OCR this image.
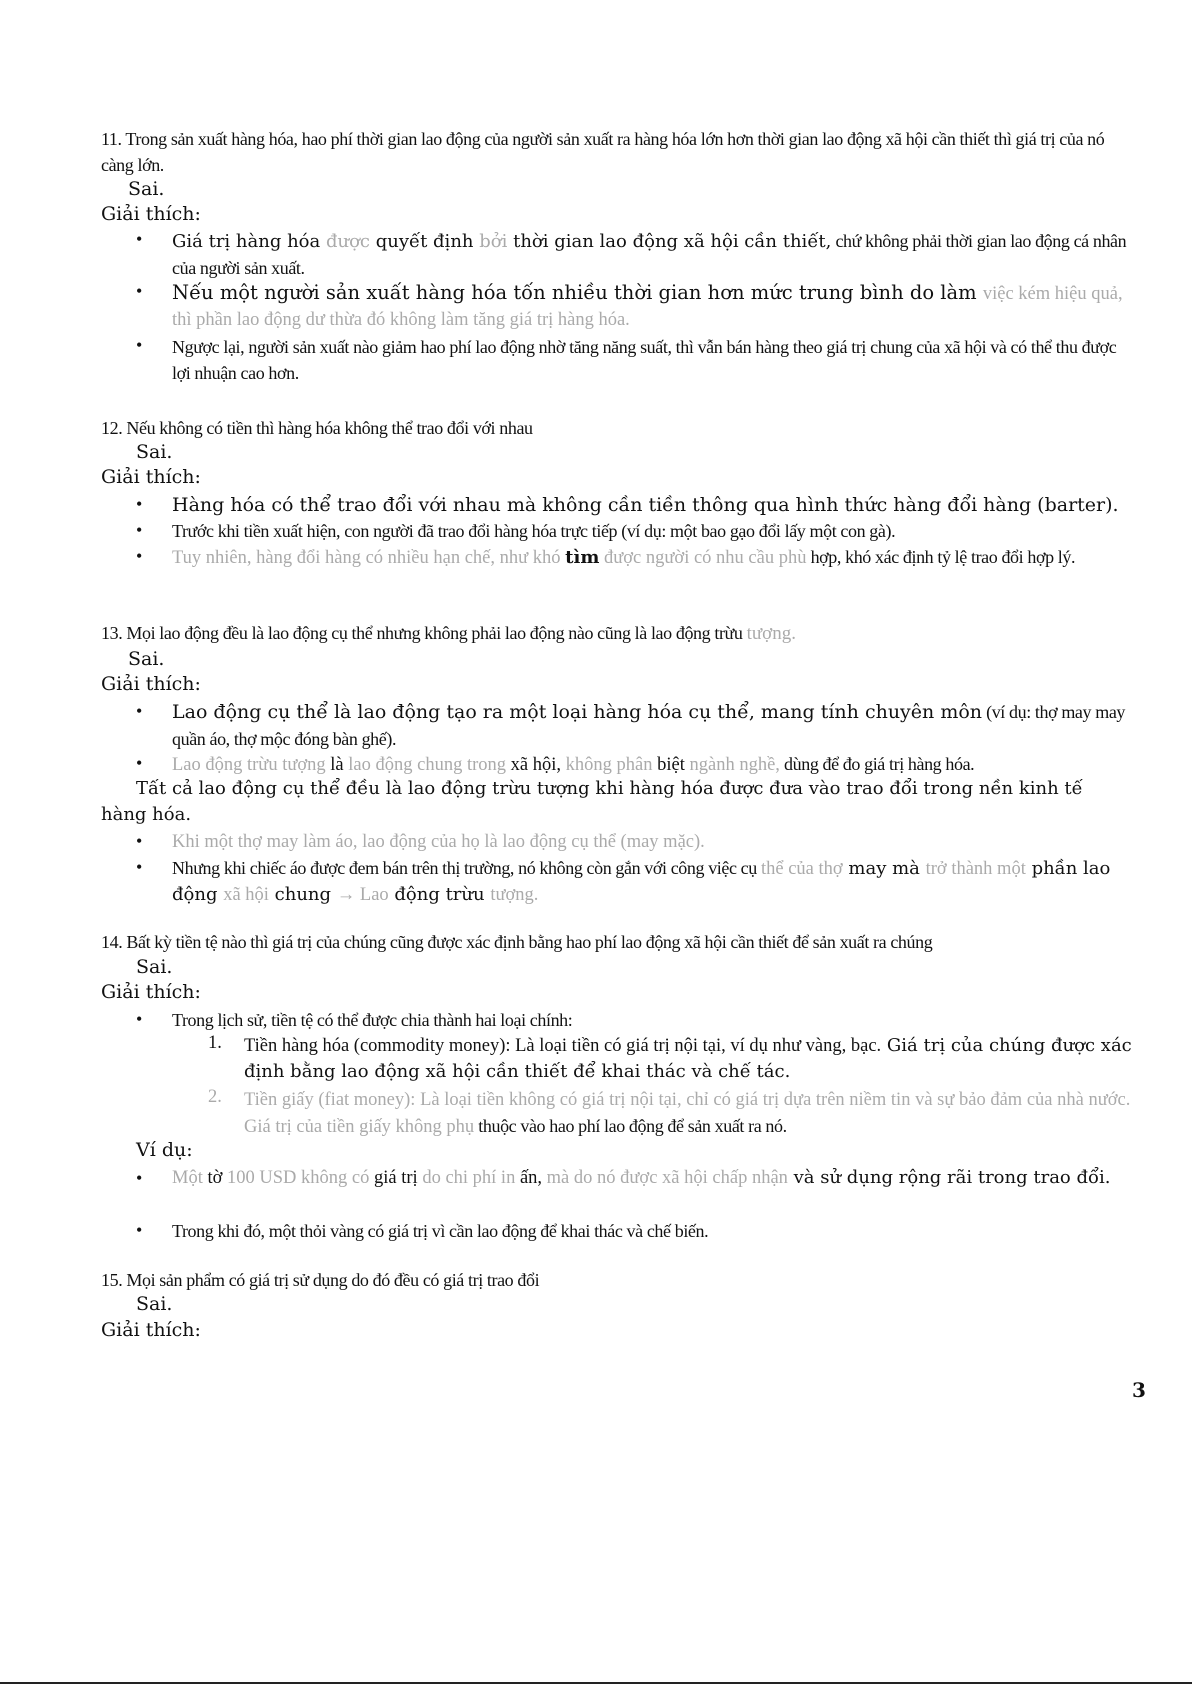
11. Trong sản xuất hàng hóa, hao phí thời gian lao động của người sản xuất ra hàng hóa lớn hơn thời gian lao động xã hội cần thiết thì giá trị của nó càng lớn.
Sai.
Giải thích:
• Giá trị hàng hóa được quyết định bởi thời gian lao động xã hội cần thiết, chứ không phải thời gian lao động cá nhân của người sản xuất.
• Nếu một người sản xuất hàng hóa tốn nhiều thời gian hơn mức trung bình do làm việc kém hiệu quả, thì phần lao động dư thừa đó không làm tăng giá trị hàng hóa.
• Ngược lại, người sản xuất nào giảm hao phí lao động nhờ tăng năng suất, thì vẫn bán hàng theo giá trị chung của xã hội và có thể thu được lợi nhuận cao hơn.
12. Nếu không có tiền thì hàng hóa không thể trao đổi với nhau
Sai.
Giải thích:
• Hàng hóa có thể trao đổi với nhau mà không cần tiền thông qua hình thức hàng đổi hàng (barter).
• Trước khi tiền xuất hiện, con người đã trao đổi hàng hóa trực tiếp (ví dụ: một bao gạo đổi lấy một con gà).
• Tuy nhiên, hàng đổi hàng có nhiều hạn chế, như khó tìm được người có nhu cầu phù hợp, khó xác định tỷ lệ trao đổi hợp lý.
13. Mọi lao động đều là lao động cụ thể nhưng không phải lao động nào cũng là lao động trừu tượng.
Sai.
Giải thích:
• Lao động cụ thể là lao động tạo ra một loại hàng hóa cụ thể, mang tính chuyên môn (ví dụ: thợ may may quần áo, thợ mộc đóng bàn ghế).
• Lao động trừu tượng là lao động chung trong xã hội, không phân biệt ngành nghề, dùng để đo giá trị hàng hóa.
Tất cả lao động cụ thể đều là lao động trừu tượng khi hàng hóa được đưa vào trao đổi trong nền kinh tế hàng hóa.
• Khi một thợ may làm áo, lao động của họ là lao động cụ thể (may mặc).
• Nhưng khi chiếc áo được đem bán trên thị trường, nó không còn gắn với công việc cụ thể của thợ may mà trở thành một phần lao động xã hội chung → Lao động trừu tượng.
14. Bất kỳ tiền tệ nào thì giá trị của chúng cũng được xác định bằng hao phí lao động xã hội cần thiết để sản xuất ra chúng
Sai.
Giải thích:
• Trong lịch sử, tiền tệ có thể được chia thành hai loại chính:
1. Tiền hàng hóa (commodity money): Là loại tiền có giá trị nội tại, ví dụ như vàng, bạc. Giá trị của chúng được xác định bằng lao động xã hội cần thiết để khai thác và chế tác.
2. Tiền giấy (fiat money): Là loại tiền không có giá trị nội tại, chỉ có giá trị dựa trên niềm tin và sự bảo đảm của nhà nước. Giá trị của tiền giấy không phụ thuộc vào hao phí lao động để sản xuất ra nó.
Ví dụ:
• Một tờ 100 USD không có giá trị do chi phí in ấn, mà do nó được xã hội chấp nhận và sử dụng rộng rãi trong trao đổi.
• Trong khi đó, một thỏi vàng có giá trị vì cần lao động để khai thác và chế biến.
15. Mọi sản phẩm có giá trị sử dụng do đó đều có giá trị trao đổi
Sai.
Giải thích:
3
